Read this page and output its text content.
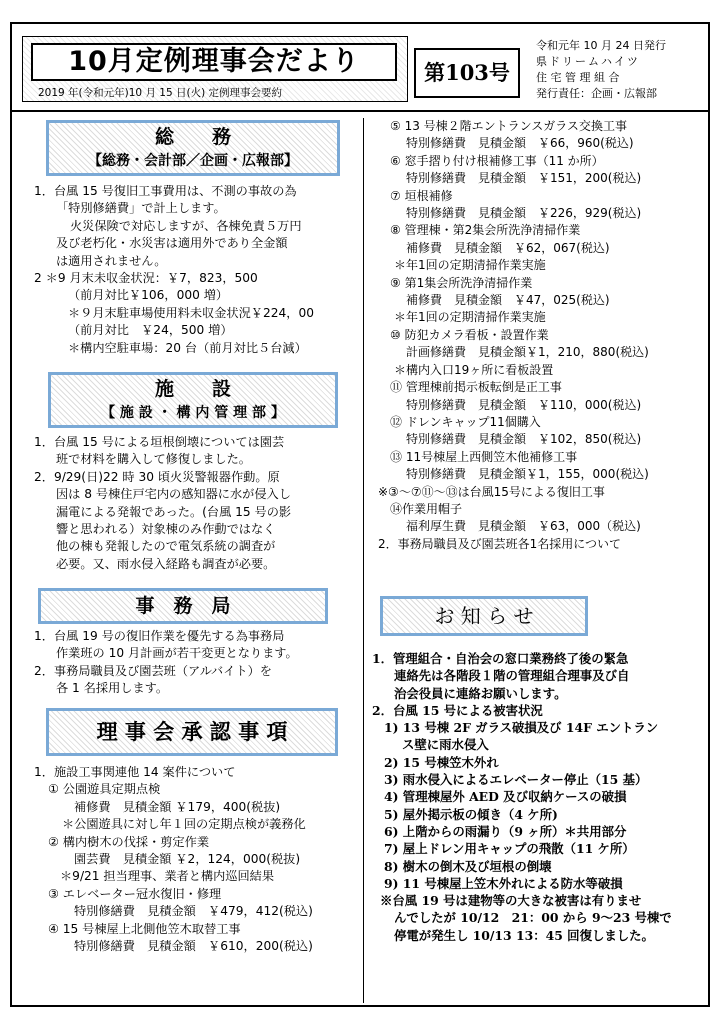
10月定例理事会だより
2019 年(令和元年)10 月 15 日(火) 定例理事会要約
第103号
令和元年 10 月 24 日発行
県ドリームハイツ
住 宅 管 理 組 合
発行責任：企画・広報部
総　　務
【総務・会計部／企画・広報部】
1．台風 15 号復旧工事費用は、不測の事故の為
「特別修繕費」で計上します。
火災保険で対応しますが、各棟免責５万円
及び老朽化・水災害は適用外であり全金額
は適用されません。
2 ＊9 月末未収金状況：￥7，823，500
（前月対比￥106，000 増）
＊９月末駐車場使用料未収金状況￥224，00
（前月対比　￥24，500 増）
＊構内空駐車場：20 台（前月対比５台減）
施　　設
【 施 設 ・ 構 内 管 理 部 】
1．台風 15 号による垣根倒壊については園芸
班で材料を購入して修復しました。
2．9/29(日)22 時 30 頃火災警報器作動。原
因は 8 号棟住戸宅内の感知器に水が侵入し
漏電による発報であった。(台風 15 号の影
響と思われる）対象棟のみ作動ではなく
他の棟も発報したので電気系統の調査が
必要。又、雨水侵入経路も調査が必要。
事　務　局
1．台風 19 号の復旧作業を優先する為事務局
作業班の 10 月計画が若干変更となります。
2．事務局職員及び園芸班（アルバイト）を
各 1 名採用します。
理 事 会 承 認 事 項
1．施設工事関連他 14 案件について
① 公園遊具定期点検
補修費　見積金額 ￥179，400(税抜)
＊公園遊具に対し年１回の定期点検が義務化
② 構内樹木の伐採・剪定作業
園芸費　見積金額 ￥2，124，000(税抜)
＊9/21 担当理事、業者と構内巡回結果
③ エレベーター冠水復旧・修理
特別修繕費　見積金額　￥479，412(税込)
④ 15 号棟屋上北側他笠木取替工事
特別修繕費　見積金額　￥610，200(税込)
⑤ 13 号棟２階エントランスガラス交換工事
特別修繕費　見積金額　￥66，960(税込)
⑥ 窓手摺り付け根補修工事（11 か所）
特別修繕費　見積金額　￥151，200(税込)
⑦ 垣根補修
特別修繕費　見積金額　￥226，929(税込)
⑧ 管理棟・第2集会所洗浄清掃作業
補修費　見積金額　￥62，067(税込)
＊年1回の定期清掃作業実施
⑨ 第1集会所洗浄清掃作業
補修費　見積金額　￥47，025(税込)
＊年1回の定期清掃作業実施
⑩ 防犯カメラ看板・設置作業
計画修繕費　見積金額￥1，210，880(税込)
＊構内入口19ヶ所に看板設置
⑪ 管理棟前掲示板転倒是正工事
特別修繕費　見積金額　￥110，000(税込)
⑫ ドレンキャップ11個購入
特別修繕費　見積金額　￥102，850(税込)
⑬ 11号棟屋上西側笠木他補修工事
特別修繕費　見積金額￥1，155，000(税込)
※③～⑦⑪～⑬は台風15号による復旧工事
⑭作業用帽子
福利厚生費　見積金額　￥63，000（税込)
2．事務局職員及び園芸班各1名採用について
お 知 ら せ
1．管理組合・自治会の窓口業務終了後の緊急
連絡先は各階段１階の管理組合理事及び自
治会役員に連絡お願いします。
2．台風 15 号による被害状況
1) 13 号棟 2F ガラス破損及び 14F エントラン
ス壁に雨水侵入
2) 15 号棟笠木外れ
3) 雨水侵入によるエレベーター停止（15 基）
4) 管理棟屋外 AED 及び収納ケースの破損
5) 屋外掲示板の傾き（4 ケ所)
6) 上階からの雨漏り（9 ヶ所）＊共用部分
7) 屋上ドレン用キャップの飛散（11 ケ所）
8) 樹木の倒木及び垣根の倒壊
9) 11 号棟屋上笠木外れによる防水等破損
※台風 19 号は建物等の大きな被害は有りませ
んでしたが 10/12　21：00 から 9～23 号棟で
停電が発生し 10/13 13：45 回復しました。
